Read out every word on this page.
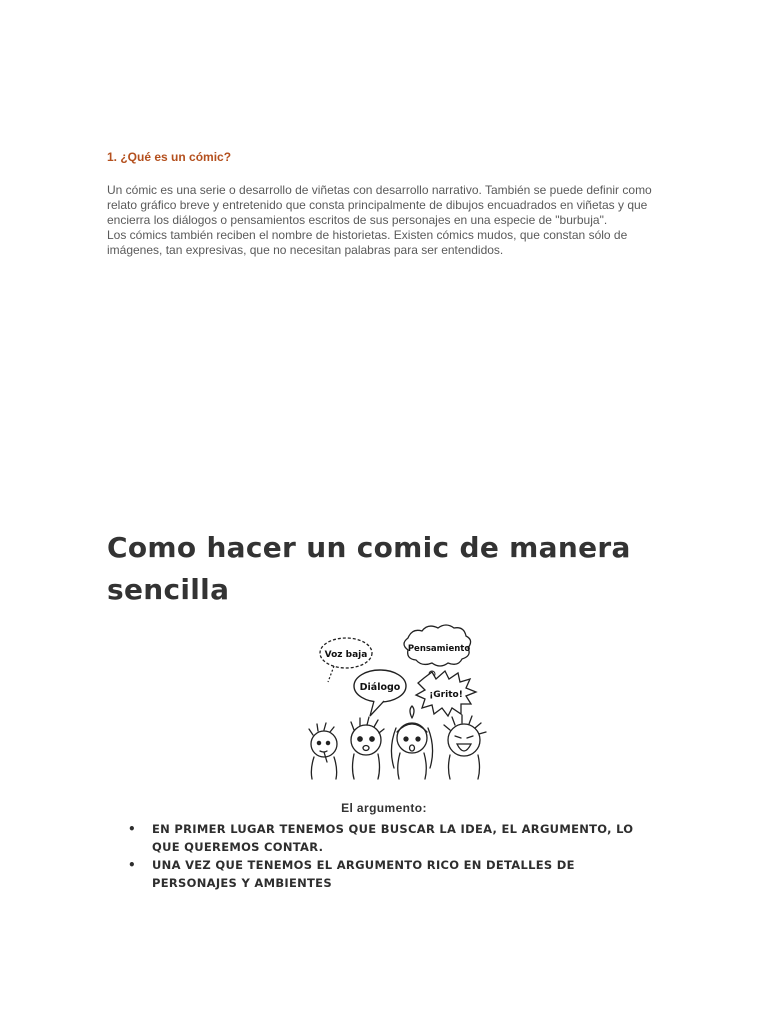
1. ¿Qué es un cómic?

Un cómic es una serie o desarrollo de viñetas con desarrollo narrativo. También se puede definir como relato gráfico breve y entretenido que consta principalmente de dibujos encuadrados en viñetas y que encierra los diálogos o pensamientos escritos de sus personajes en una especie de "burbuja".

Los cómics también reciben el nombre de historietas. Existen cómics mudos, que constan sólo de imágenes, tan expresivas, que no necesitan palabras para ser entendidos.

Como hacer un comic de manera sencilla
Voz baja
Pensamiento
Diálogo
¡Grito!
El argumento:
• EN PRIMER LUGAR TENEMOS QUE BUSCAR LA IDEA, EL ARGUMENTO, LO QUE QUEREMOS CONTAR.
• UNA VEZ QUE TENEMOS EL ARGUMENTO RICO EN DETALLES DE PERSONAJES Y AMBIENTES
